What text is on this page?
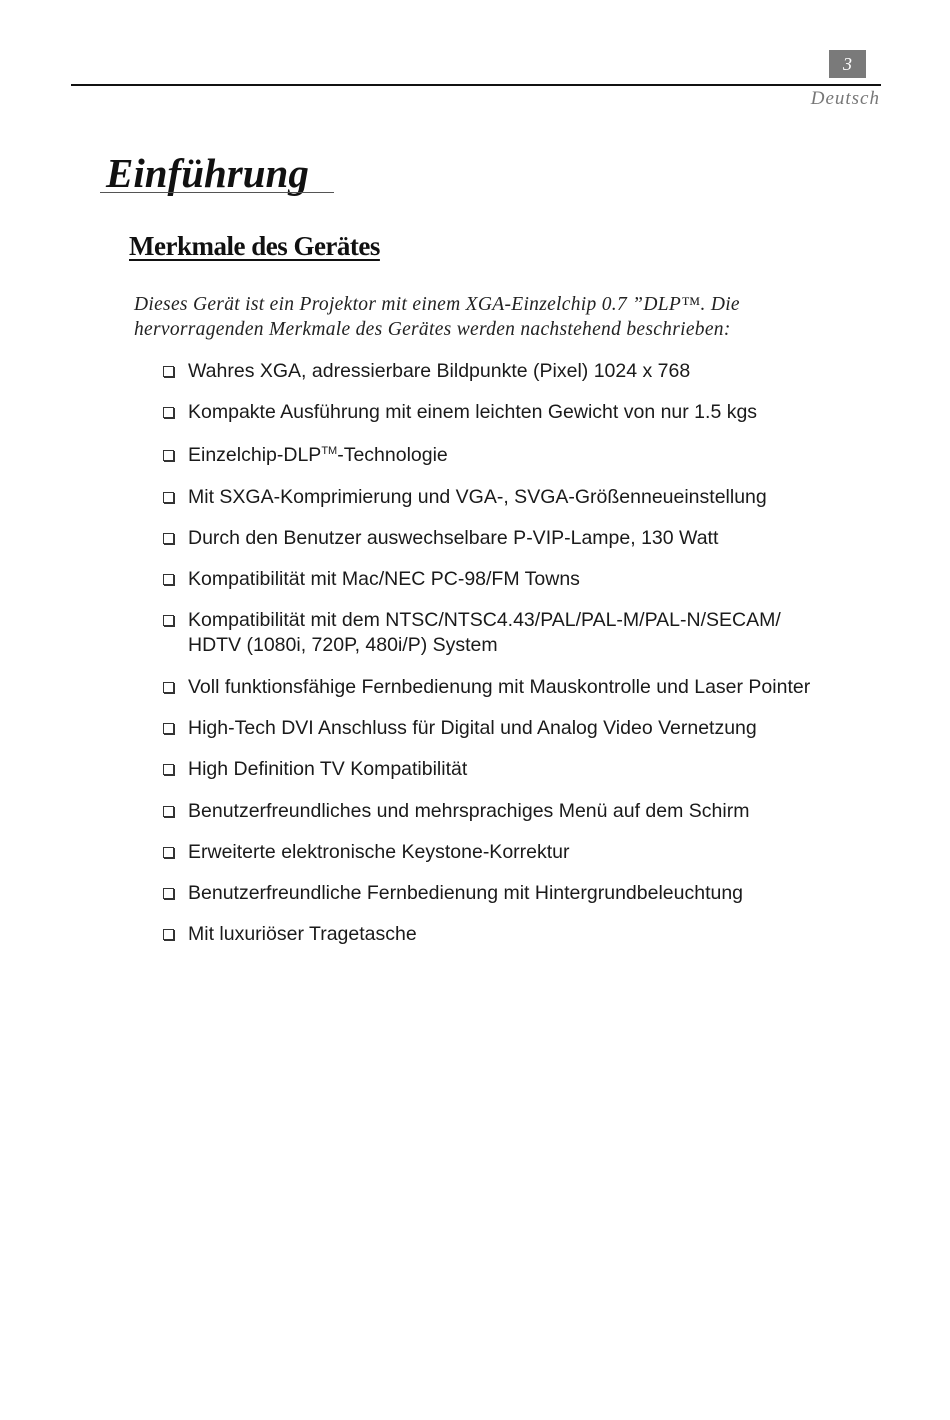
3
Deutsch
Einführung
Merkmale des Gerätes

Dieses Gerät ist ein Projektor mit einem XGA-Einzelchip 0.7 ”DLP™. Die
hervorragenden Merkmale des Gerätes werden nachstehend beschrieben:

Wahres XGA, adressierbare Bildpunkte (Pixel) 1024 x 768
Kompakte Ausführung mit einem leichten Gewicht von nur 1.5 kgs
Einzelchip-DLP™-Technologie
Mit SXGA-Komprimierung und VGA-, SVGA-Größenneueinstellung
Durch den Benutzer auswechselbare P-VIP-Lampe, 130 Watt
Kompatibilität mit Mac/NEC PC-98/FM Towns
Kompatibilität mit dem NTSC/NTSC4.43/PAL/PAL-M/PAL-N/SECAM/
HDTV (1080i, 720P, 480i/P) System
Voll funktionsfähige Fernbedienung mit Mauskontrolle und Laser Pointer
High-Tech DVI Anschluss für Digital und Analog Video Vernetzung
High Definition TV Kompatibilität
Benutzerfreundliches und mehrsprachiges Menü auf dem Schirm
Erweiterte elektronische Keystone-Korrektur
Benutzerfreundliche Fernbedienung mit Hintergrundbeleuchtung
Mit luxuriöser Tragetasche
